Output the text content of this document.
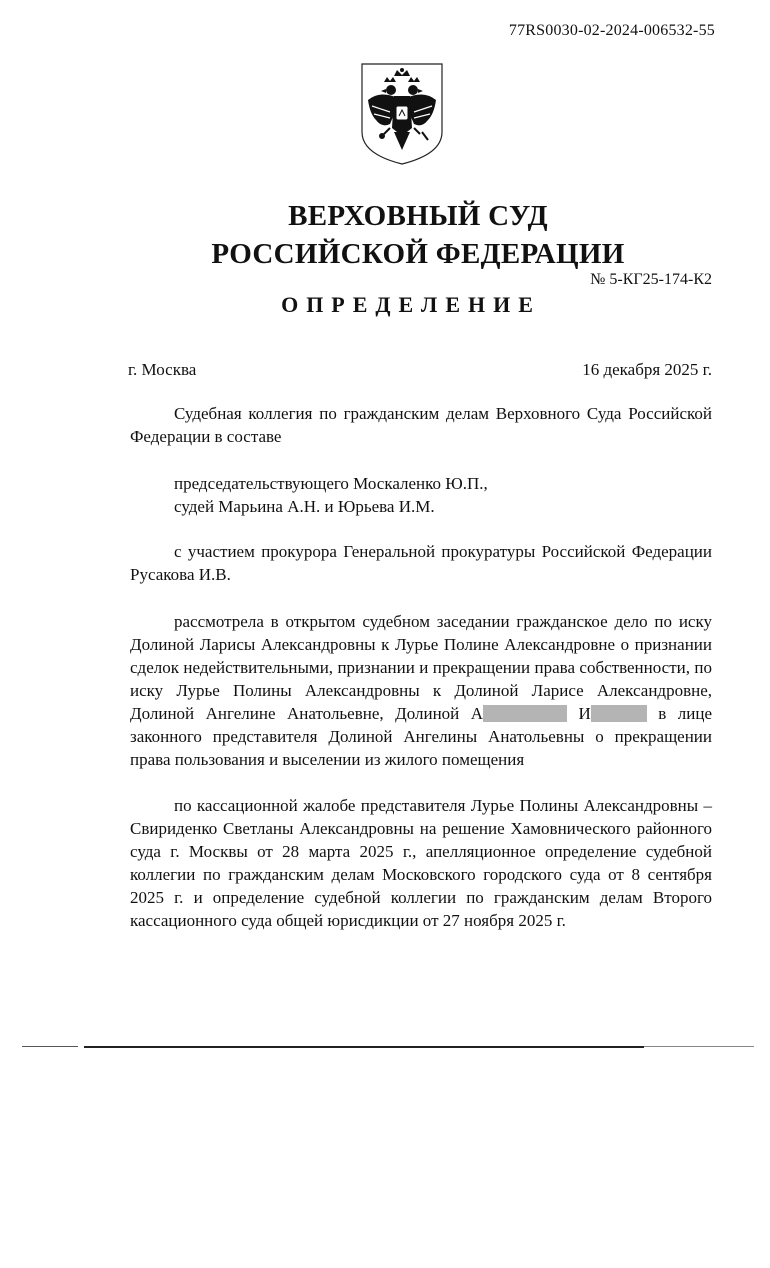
77RS0030-02-2024-006532-55
ВЕРХОВНЫЙ СУД
РОССИЙСКОЙ ФЕДЕРАЦИИ
№ 5-КГ25-174-К2
ОПРЕДЕЛЕНИЕ
г. Москва	16 декабря 2025 г.

Судебная коллегия по гражданским делам Верховного Суда Российской Федерации в составе

председательствующего Москаленко Ю.П.,
судей Марьина А.Н. и Юрьева И.М.

с участием прокурора Генеральной прокуратуры Российской Федерации Русакова И.В.

рассмотрела в открытом судебном заседании гражданское дело по иску Долиной Ларисы Александровны к Лурье Полине Александровне о признании сделок недействительными, признании и прекращении права собственности, по иску Лурье Полины Александровны к Долиной Ларисе Александровне, Долиной Ангелине Анатольевне, Долиной А	И	в лице законного представителя Долиной Ангелины Анатольевны о прекращении права пользования и выселении из жилого помещения

по кассационной жалобе представителя Лурье Полины Александровны – Свириденко Светланы Александровны на решение Хамовнического районного суда г. Москвы от 28 марта 2025 г., апелляционное определение судебной коллегии по гражданским делам Московского городского суда от 8 сентября 2025 г. и определение судебной коллегии по гражданским делам Второго кассационного суда общей юрисдикции от 27 ноября 2025 г.
